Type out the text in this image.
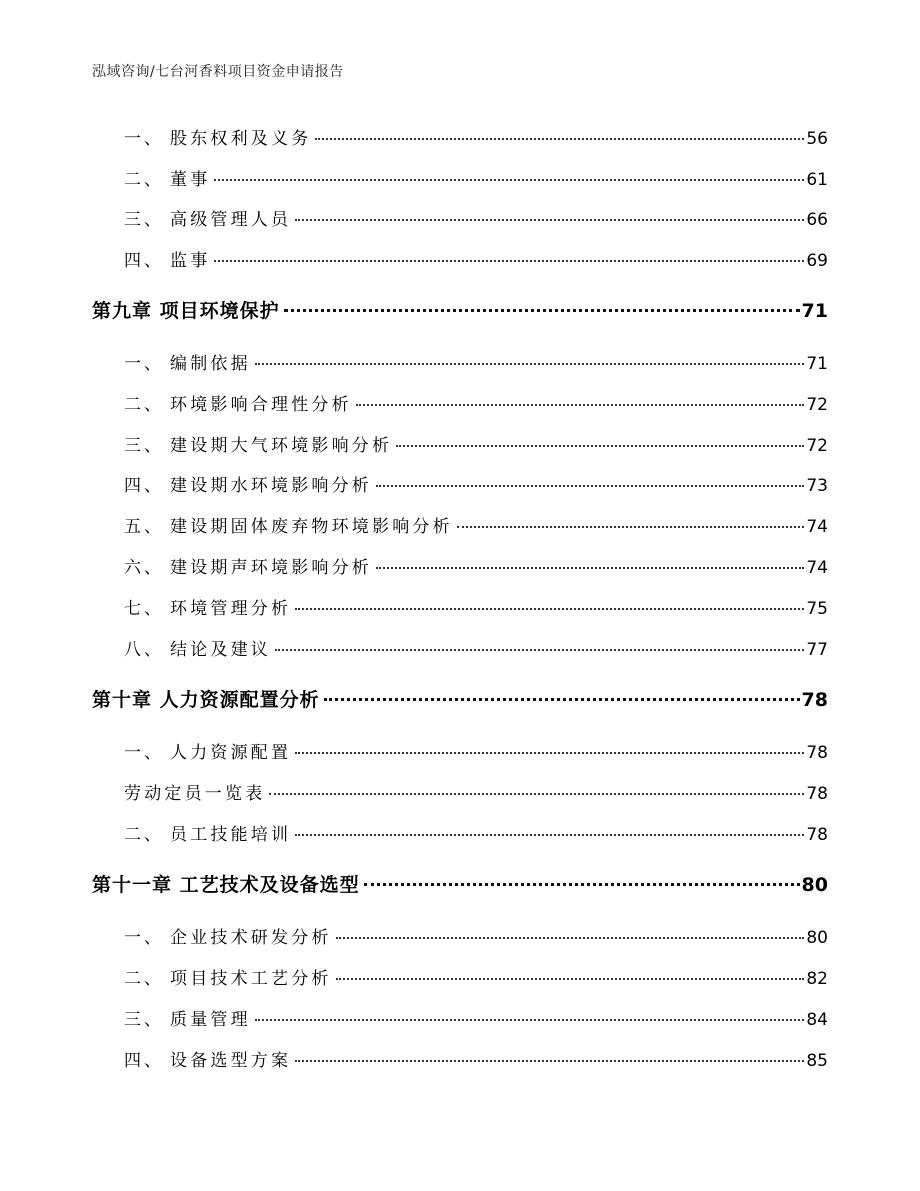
泓域咨询/七台河香料项目资金申请报告
一、 股东权利及义务	56
二、 董事	61
三、 高级管理人员	66
四、 监事	69
第九章 项目环境保护	71
一、 编制依据	71
二、 环境影响合理性分析	72
三、 建设期大气环境影响分析	72
四、 建设期水环境影响分析	73
五、 建设期固体废弃物环境影响分析	74
六、 建设期声环境影响分析	74
七、 环境管理分析	75
八、 结论及建议	77
第十章 人力资源配置分析	78
一、 人力资源配置	78
劳动定员一览表	78
二、 员工技能培训	78
第十一章 工艺技术及设备选型	80
一、 企业技术研发分析	80
二、 项目技术工艺分析	82
三、 质量管理	84
四、 设备选型方案	85
